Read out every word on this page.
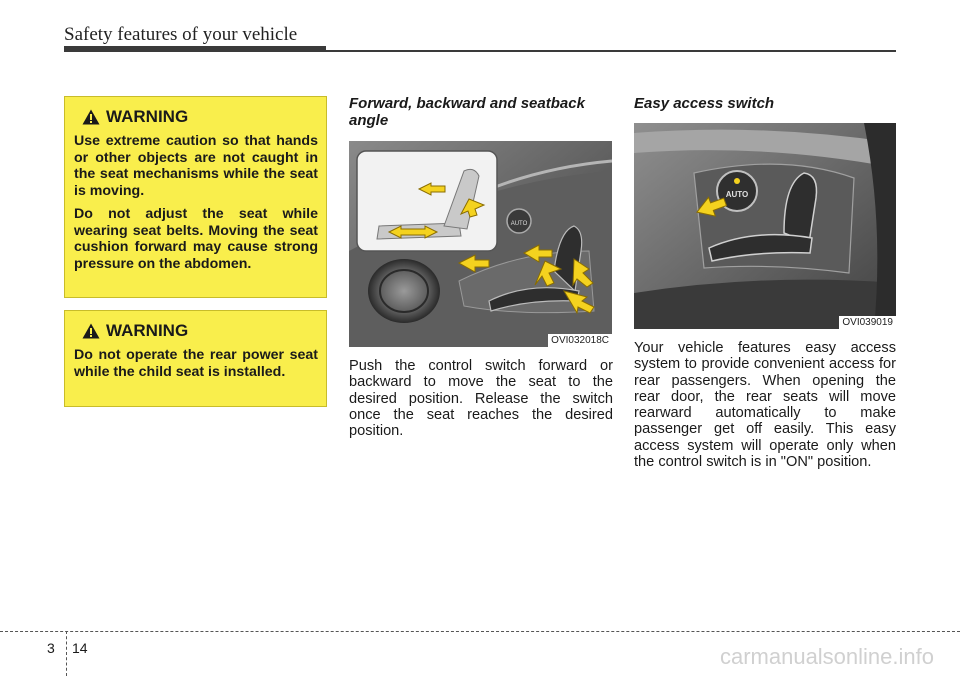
Safety features of your vehicle
WARNING

Use extreme caution so that hands or other objects are not caught in the seat mechanisms while the seat is moving.

Do not adjust the seat while wearing seat belts. Moving the seat cushion forward may cause strong pressure on the abdomen.

WARNING

Do not operate the rear power seat while the child seat is installed.

Forward, backward and seatback angle
AUTO
OVI032018C
Push the control switch forward or backward to move the seat to the desired position. Release the switch once the seat reaches the desired position.
Easy access switch
AUTO
OVI039019
Your vehicle features easy access system to provide convenient access for rear passengers. When opening the rear door, the rear seats will move rearward automatically to make passenger get off easily. This easy access system will operate only when the control switch is in "ON" position.
3 14	carmanualsonline.info
